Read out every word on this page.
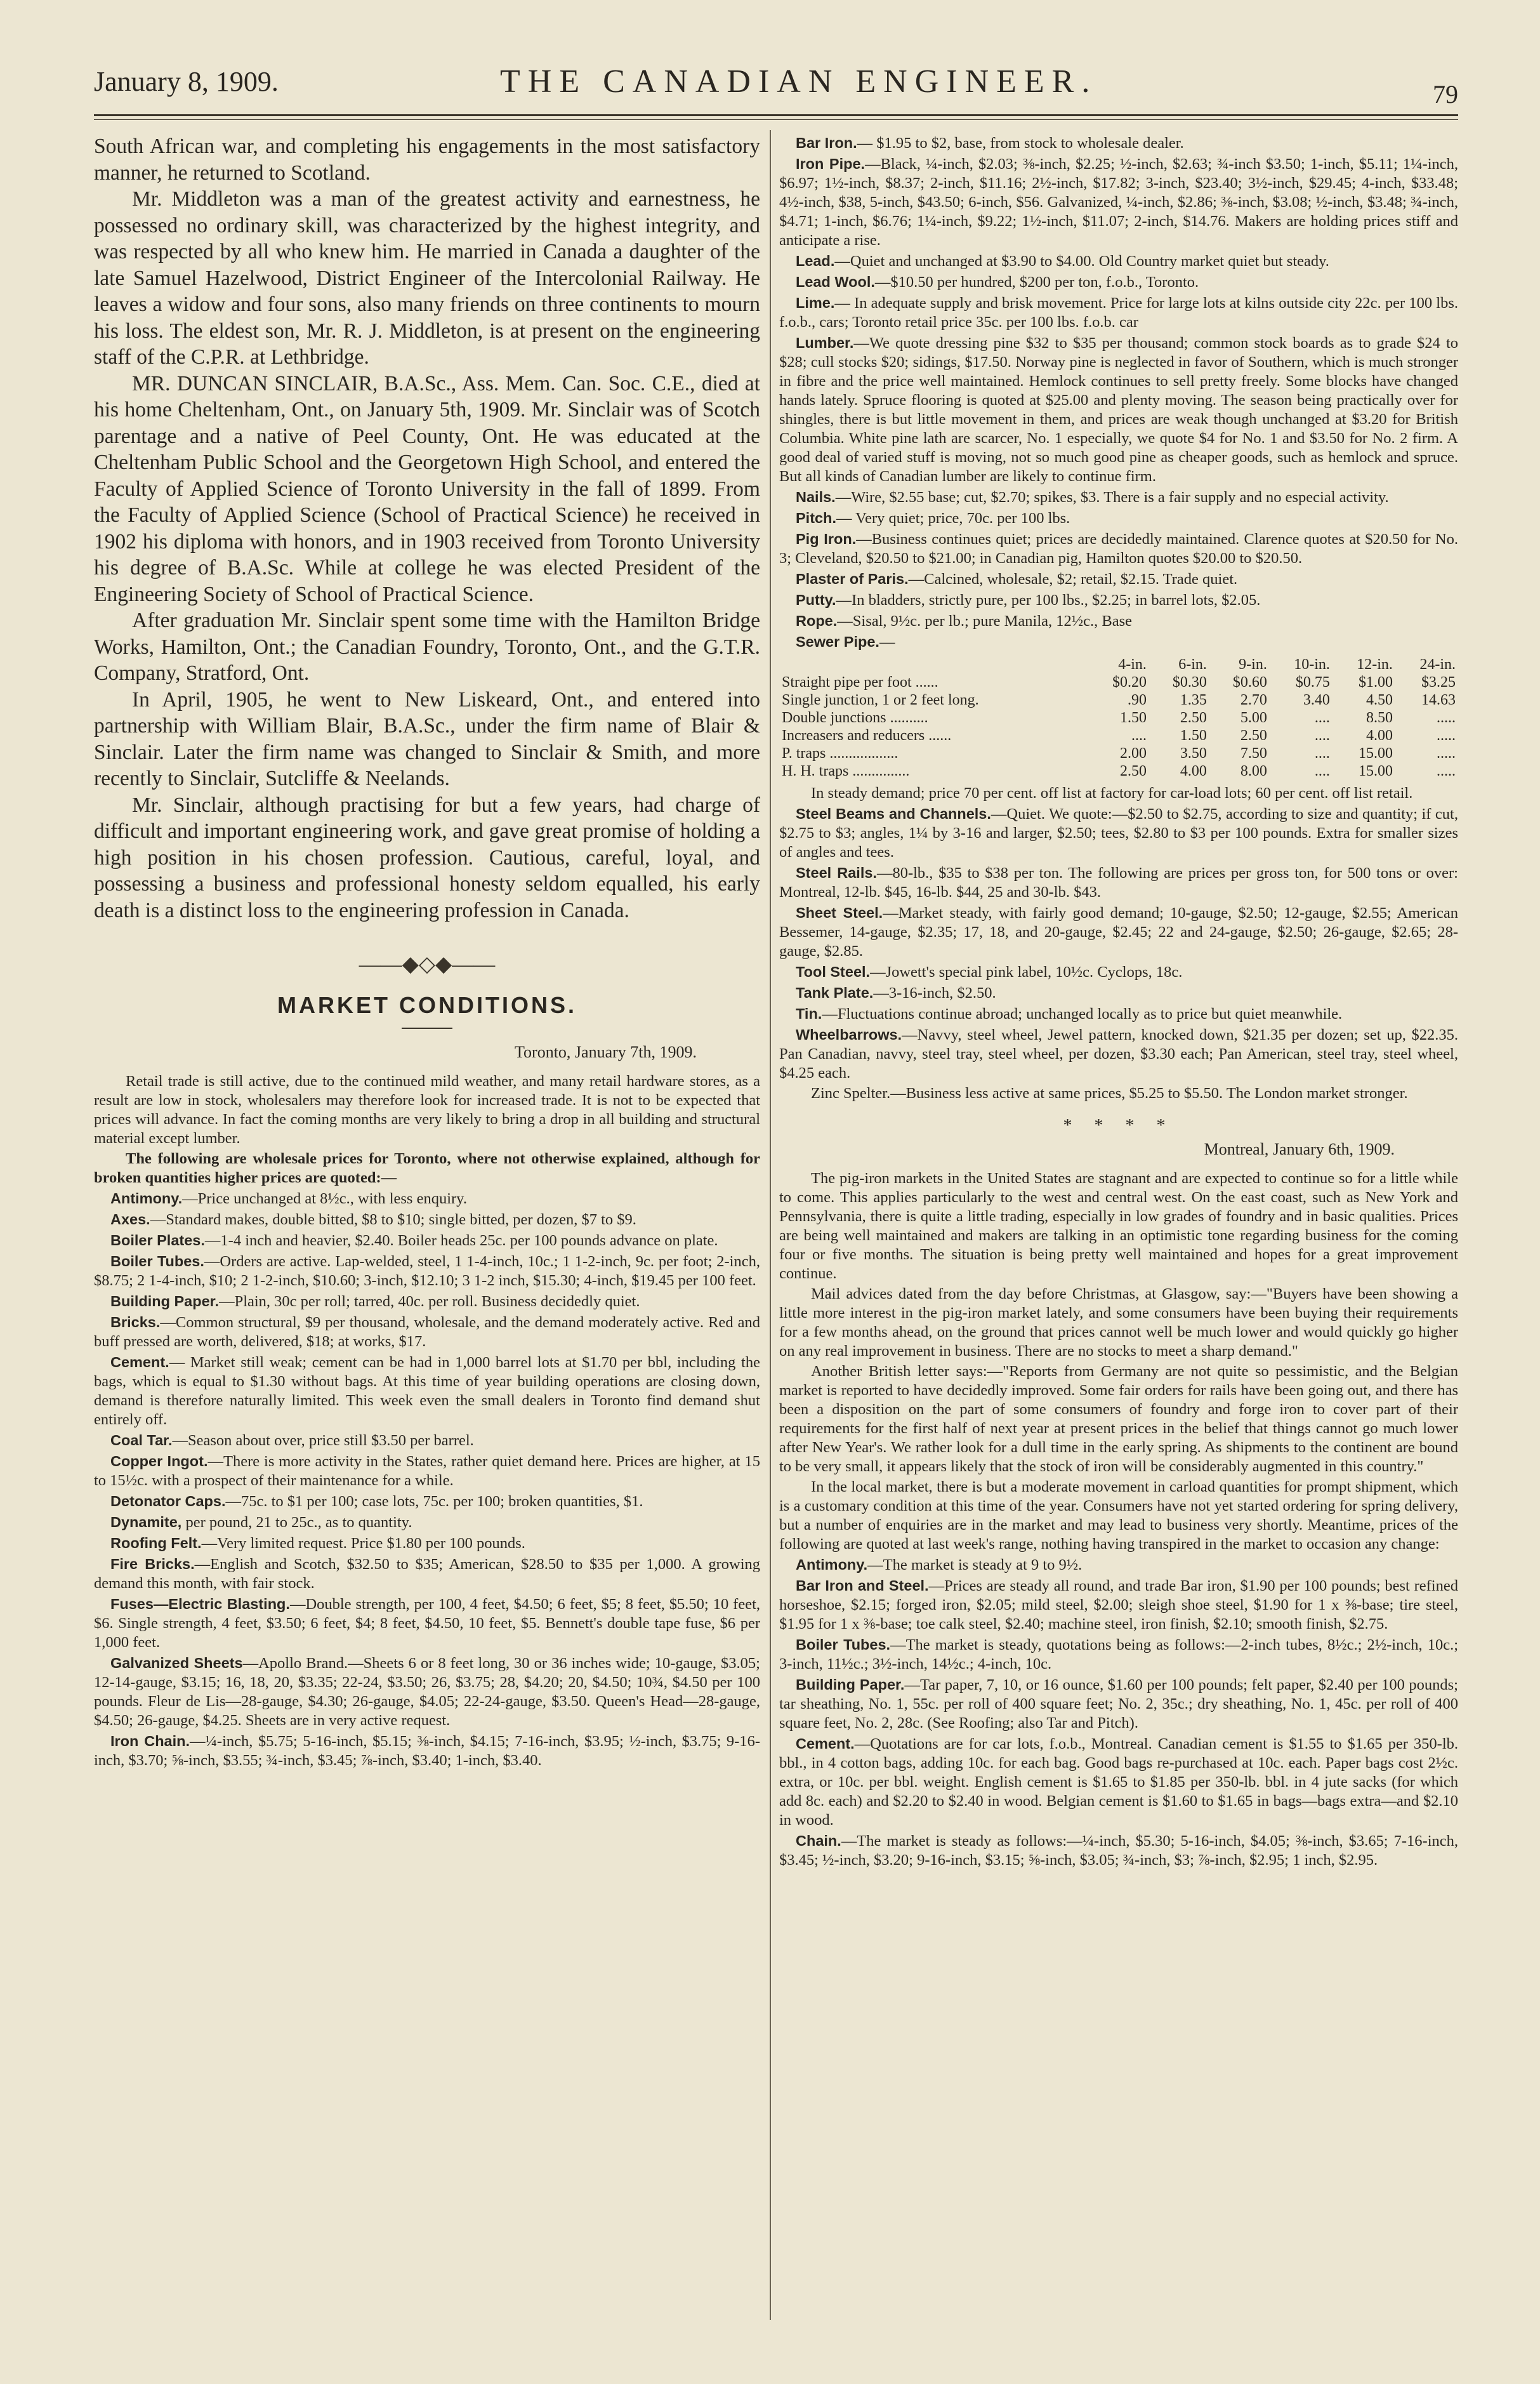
January 8, 1909.	THE CANADIAN ENGINEER.	79

South African war, and completing his engagements in the most satisfactory manner, he returned to Scotland.

Mr. Middleton was a man of the greatest activity and earnestness, he possessed no ordinary skill, was characterized by the highest integrity, and was respected by all who knew him. He married in Canada a daughter of the late Samuel Hazelwood, District Engineer of the Intercolonial Railway. He leaves a widow and four sons, also many friends on three continents to mourn his loss. The eldest son, Mr. R. J. Middleton, is at present on the engineering staff of the C.P.R. at Lethbridge.

MR. DUNCAN SINCLAIR, B.A.Sc., Ass. Mem. Can. Soc. C.E., died at his home Cheltenham, Ont., on January 5th, 1909. Mr. Sinclair was of Scotch parentage and a native of Peel County, Ont. He was educated at the Cheltenham Public School and the Georgetown High School, and entered the Faculty of Applied Science of Toronto University in the fall of 1899. From the Faculty of Applied Science (School of Practical Science) he received in 1902 his diploma with honors, and in 1903 received from Toronto University his degree of B.A.Sc. While at college he was elected President of the Engineering Society of School of Practical Science.

After graduation Mr. Sinclair spent some time with the Hamilton Bridge Works, Hamilton, Ont.; the Canadian Foundry, Toronto, Ont., and the G.T.R. Company, Stratford, Ont.

In April, 1905, he went to New Liskeard, Ont., and entered into partnership with William Blair, B.A.Sc., under the firm name of Blair & Sinclair. Later the firm name was changed to Sinclair & Smith, and more recently to Sinclair, Sutcliffe & Neelands.

Mr. Sinclair, although practising for but a few years, had charge of difficult and important engineering work, and gave great promise of holding a high position in his chosen profession. Cautious, careful, loyal, and possessing a business and professional honesty seldom equalled, his early death is a distinct loss to the engineering profession in Canada.

——◆◇◆——
MARKET CONDITIONS.
Toronto, January 7th, 1909.

Retail trade is still active, due to the continued mild weather, and many retail hardware stores, as a result are low in stock, wholesalers may therefore look for increased trade. It is not to be expected that prices will advance. In fact the coming months are very likely to bring a drop in all building and structural material except lumber.

The following are wholesale prices for Toronto, where not otherwise explained, although for broken quantities higher prices are quoted:—

Antimony.—Price unchanged at 8½c., with less enquiry.

Axes.—Standard makes, double bitted, $8 to $10; single bitted, per dozen, $7 to $9.

Boiler Plates.—1-4 inch and heavier, $2.40. Boiler heads 25c. per 100 pounds advance on plate.

Boiler Tubes.—Orders are active. Lap-welded, steel, 1 1-4-inch, 10c.; 1 1-2-inch, 9c. per foot; 2-inch, $8.75; 2 1-4-inch, $10; 2 1-2-inch, $10.60; 3-inch, $12.10; 3 1-2 inch, $15.30; 4-inch, $19.45 per 100 feet.

Building Paper.—Plain, 30c per roll; tarred, 40c. per roll. Business decidedly quiet.

Bricks.—Common structural, $9 per thousand, wholesale, and the demand moderately active. Red and buff pressed are worth, delivered, $18; at works, $17.

Cement.— Market still weak; cement can be had in 1,000 barrel lots at $1.70 per bbl, including the bags, which is equal to $1.30 without bags. At this time of year building operations are closing down, demand is therefore naturally limited. This week even the small dealers in Toronto find demand shut entirely off.

Coal Tar.—Season about over, price still $3.50 per barrel.

Copper Ingot.—There is more activity in the States, rather quiet demand here. Prices are higher, at 15 to 15½c. with a prospect of their maintenance for a while.

Detonator Caps.—75c. to $1 per 100; case lots, 75c. per 100; broken quantities, $1.

Dynamite, per pound, 21 to 25c., as to quantity.

Roofing Felt.—Very limited request. Price $1.80 per 100 pounds.

Fire Bricks.—English and Scotch, $32.50 to $35; American, $28.50 to $35 per 1,000. A growing demand this month, with fair stock.

Fuses—Electric Blasting.—Double strength, per 100, 4 feet, $4.50; 6 feet, $5; 8 feet, $5.50; 10 feet, $6. Single strength, 4 feet, $3.50; 6 feet, $4; 8 feet, $4.50, 10 feet, $5. Bennett's double tape fuse, $6 per 1,000 feet.

Galvanized Sheets—Apollo Brand.—Sheets 6 or 8 feet long, 30 or 36 inches wide; 10-gauge, $3.05; 12-14-gauge, $3.15; 16, 18, 20, $3.35; 22-24, $3.50; 26, $3.75; 28, $4.20; 20, $4.50; 10¾, $4.50 per 100 pounds. Fleur de Lis—28-gauge, $4.30; 26-gauge, $4.05; 22-24-gauge, $3.50. Queen's Head—28-gauge, $4.50; 26-gauge, $4.25. Sheets are in very active request.

Iron Chain.—¼-inch, $5.75; 5-16-inch, $5.15; ⅜-inch, $4.15; 7-16-inch, $3.95; ½-inch, $3.75; 9-16-inch, $3.70; ⅝-inch, $3.55; ¾-inch, $3.45; ⅞-inch, $3.40; 1-inch, $3.40.

Bar Iron.— $1.95 to $2, base, from stock to wholesale dealer.

Iron Pipe.—Black, ¼-inch, $2.03; ⅜-inch, $2.25; ½-inch, $2.63; ¾-inch $3.50; 1-inch, $5.11; 1¼-inch, $6.97; 1½-inch, $8.37; 2-inch, $11.16; 2½-inch, $17.82; 3-inch, $23.40; 3½-inch, $29.45; 4-inch, $33.48; 4½-inch, $38, 5-inch, $43.50; 6-inch, $56. Galvanized, ¼-inch, $2.86; ⅜-inch, $3.08; ½-inch, $3.48; ¾-inch, $4.71; 1-inch, $6.76; 1¼-inch, $9.22; 1½-inch, $11.07; 2-inch, $14.76. Makers are holding prices stiff and anticipate a rise.

Lead.—Quiet and unchanged at $3.90 to $4.00. Old Country market quiet but steady.

Lead Wool.—$10.50 per hundred, $200 per ton, f.o.b., Toronto.

Lime.— In adequate supply and brisk movement. Price for large lots at kilns outside city 22c. per 100 lbs. f.o.b., cars; Toronto retail price 35c. per 100 lbs. f.o.b. car

Lumber.—We quote dressing pine $32 to $35 per thousand; common stock boards as to grade $24 to $28; cull stocks $20; sidings, $17.50. Norway pine is neglected in favor of Southern, which is much stronger in fibre and the price well maintained. Hemlock continues to sell pretty freely. Some blocks have changed hands lately. Spruce flooring is quoted at $25.00 and plenty moving. The season being practically over for shingles, there is but little movement in them, and prices are weak though unchanged at $3.20 for British Columbia. White pine lath are scarcer, No. 1 especially, we quote $4 for No. 1 and $3.50 for No. 2 firm. A good deal of varied stuff is moving, not so much good pine as cheaper goods, such as hemlock and spruce. But all kinds of Canadian lumber are likely to continue firm.

Nails.—Wire, $2.55 base; cut, $2.70; spikes, $3. There is a fair supply and no especial activity.

Pitch.— Very quiet; price, 70c. per 100 lbs.

Pig Iron.—Business continues quiet; prices are decidedly maintained. Clarence quotes at $20.50 for No. 3; Cleveland, $20.50 to $21.00; in Canadian pig, Hamilton quotes $20.00 to $20.50.

Plaster of Paris.—Calcined, wholesale, $2; retail, $2.15. Trade quiet.

Putty.—In bladders, strictly pure, per 100 lbs., $2.25; in barrel lots, $2.05.

Rope.—Sisal, 9½c. per lb.; pure Manila, 12½c., Base

Sewer Pipe.—

	4-in.	6-in.	9-in.	10-in.	12-in.	24-in.
Straight pipe per foot ......	$0.20	$0.30	$0.60	$0.75	$1.00	$3.25
Single junction, 1 or 2 feet long.	.90	1.35	2.70	3.40	4.50	14.63
Double junctions ..........	1.50	2.50	5.00	....	8.50	.....
Increasers and reducers ......	....	1.50	2.50	....	4.00	.....
P. traps ..................	2.00	3.50	7.50	....	15.00	.....
H. H. traps ...............	2.50	4.00	8.00	....	15.00	.....

In steady demand; price 70 per cent. off list at factory for car-load lots; 60 per cent. off list retail.

Steel Beams and Channels.—Quiet. We quote:—$2.50 to $2.75, according to size and quantity; if cut, $2.75 to $3; angles, 1¼ by 3-16 and larger, $2.50; tees, $2.80 to $3 per 100 pounds. Extra for smaller sizes of angles and tees.

Steel Rails.—80-lb., $35 to $38 per ton. The following are prices per gross ton, for 500 tons or over: Montreal, 12-lb. $45, 16-lb. $44, 25 and 30-lb. $43.

Sheet Steel.—Market steady, with fairly good demand; 10-gauge, $2.50; 12-gauge, $2.55; American Bessemer, 14-gauge, $2.35; 17, 18, and 20-gauge, $2.45; 22 and 24-gauge, $2.50; 26-gauge, $2.65; 28-gauge, $2.85.

Tool Steel.—Jowett's special pink label, 10½c. Cyclops, 18c.

Tank Plate.—3-16-inch, $2.50.

Tin.—Fluctuations continue abroad; unchanged locally as to price but quiet meanwhile.

Wheelbarrows.—Navvy, steel wheel, Jewel pattern, knocked down, $21.35 per dozen; set up, $22.35. Pan Canadian, navvy, steel tray, steel wheel, per dozen, $3.30 each; Pan American, steel tray, steel wheel, $4.25 each.

Zinc Spelter.—Business less active at same prices, $5.25 to $5.50. The London market stronger.

* * * *
Montreal, January 6th, 1909.

The pig-iron markets in the United States are stagnant and are expected to continue so for a little while to come. This applies particularly to the west and central west. On the east coast, such as New York and Pennsylvania, there is quite a little trading, especially in low grades of foundry and in basic qualities. Prices are being well maintained and makers are talking in an optimistic tone regarding business for the coming four or five months. The situation is being pretty well maintained and hopes for a great improvement continue.

Mail advices dated from the day before Christmas, at Glasgow, say:—"Buyers have been showing a little more interest in the pig-iron market lately, and some consumers have been buying their requirements for a few months ahead, on the ground that prices cannot well be much lower and would quickly go higher on any real improvement in business. There are no stocks to meet a sharp demand."

Another British letter says:—"Reports from Germany are not quite so pessimistic, and the Belgian market is reported to have decidedly improved. Some fair orders for rails have been going out, and there has been a disposition on the part of some consumers of foundry and forge iron to cover part of their requirements for the first half of next year at present prices in the belief that things cannot go much lower after New Year's. We rather look for a dull time in the early spring. As shipments to the continent are bound to be very small, it appears likely that the stock of iron will be considerably augmented in this country."

In the local market, there is but a moderate movement in carload quantities for prompt shipment, which is a customary condition at this time of the year. Consumers have not yet started ordering for spring delivery, but a number of enquiries are in the market and may lead to business very shortly. Meantime, prices of the following are quoted at last week's range, nothing having transpired in the market to occasion any change:

Antimony.—The market is steady at 9 to 9½.

Bar Iron and Steel.—Prices are steady all round, and trade Bar iron, $1.90 per 100 pounds; best refined horseshoe, $2.15; forged iron, $2.05; mild steel, $2.00; sleigh shoe steel, $1.90 for 1 x ⅜-base; tire steel, $1.95 for 1 x ⅜-base; toe calk steel, $2.40; machine steel, iron finish, $2.10; smooth finish, $2.75.

Boiler Tubes.—The market is steady, quotations being as follows:—2-inch tubes, 8½c.; 2½-inch, 10c.; 3-inch, 11½c.; 3½-inch, 14½c.; 4-inch, 10c.

Building Paper.—Tar paper, 7, 10, or 16 ounce, $1.60 per 100 pounds; felt paper, $2.40 per 100 pounds; tar sheathing, No. 1, 55c. per roll of 400 square feet; No. 2, 35c.; dry sheathing, No. 1, 45c. per roll of 400 square feet, No. 2, 28c. (See Roofing; also Tar and Pitch).

Cement.—Quotations are for car lots, f.o.b., Montreal. Canadian cement is $1.55 to $1.65 per 350-lb. bbl., in 4 cotton bags, adding 10c. for each bag. Good bags re-purchased at 10c. each. Paper bags cost 2½c. extra, or 10c. per bbl. weight. English cement is $1.65 to $1.85 per 350-lb. bbl. in 4 jute sacks (for which add 8c. each) and $2.20 to $2.40 in wood. Belgian cement is $1.60 to $1.65 in bags—bags extra—and $2.10 in wood.

Chain.—The market is steady as follows:—¼-inch, $5.30; 5-16-inch, $4.05; ⅜-inch, $3.65; 7-16-inch, $3.45; ½-inch, $3.20; 9-16-inch, $3.15; ⅝-inch, $3.05; ¾-inch, $3; ⅞-inch, $2.95; 1 inch, $2.95.
